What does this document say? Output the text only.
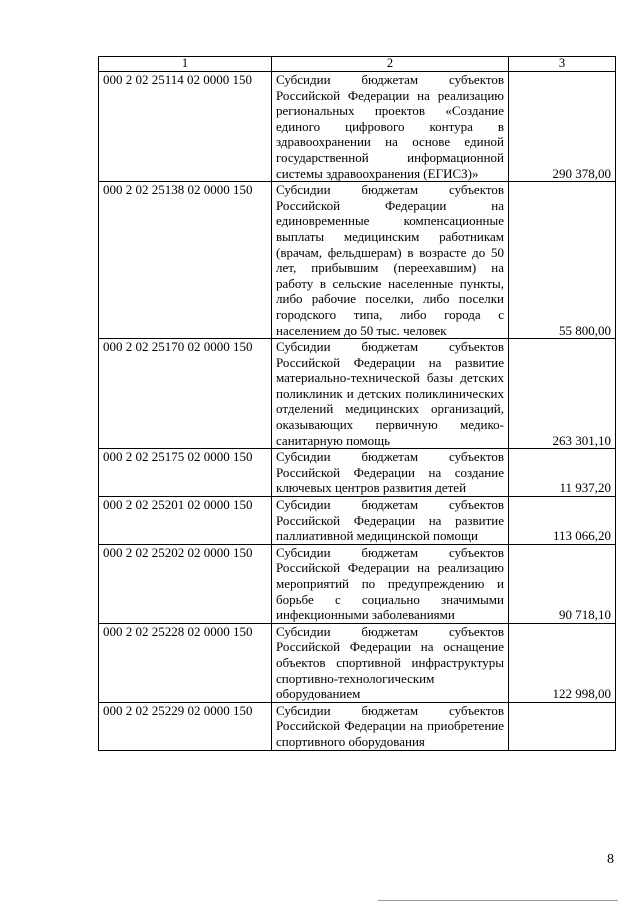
1	2	3
000 2 02 25114 02 0000 150	Субсидии бюджетам субъектов Российской Федерации на реализацию региональных проектов «Создание единого цифрового контура в здравоохранении на основе единой государственной информационной системы здравоохранения (ЕГИСЗ)»	290 378,00
000 2 02 25138 02 0000 150	Субсидии бюджетам субъектов Российской Федерации на единовременные компенсационные выплаты медицинским работникам (врачам, фельдшерам) в возрасте до 50 лет, прибывшим (переехавшим) на работу в сельские населенные пункты, либо рабочие поселки, либо поселки городского типа, либо города с населением до 50 тыс. человек	55 800,00
000 2 02 25170 02 0000 150	Субсидии бюджетам субъектов Российской Федерации на развитие материально-технической базы детских поликлиник и детских поликлинических отделений медицинских организаций, оказывающих первичную медико-санитарную помощь	263 301,10
000 2 02 25175 02 0000 150	Субсидии бюджетам субъектов Российской Федерации на создание ключевых центров развития детей	11 937,20
000 2 02 25201 02 0000 150	Субсидии бюджетам субъектов Российской Федерации на развитие паллиативной медицинской помощи	113 066,20
000 2 02 25202 02 0000 150	Субсидии бюджетам субъектов Российской Федерации на реализацию мероприятий по предупреждению и борьбе с социально значимыми инфекционными заболеваниями	90 718,10
000 2 02 25228 02 0000 150	Субсидии бюджетам субъектов Российской Федерации на оснащение объектов спортивной инфраструктуры спортивно-технологическим оборудованием	122 998,00
000 2 02 25229 02 0000 150	Субсидии бюджетам субъектов Российской Федерации на приобретение спортивного оборудования	
8
